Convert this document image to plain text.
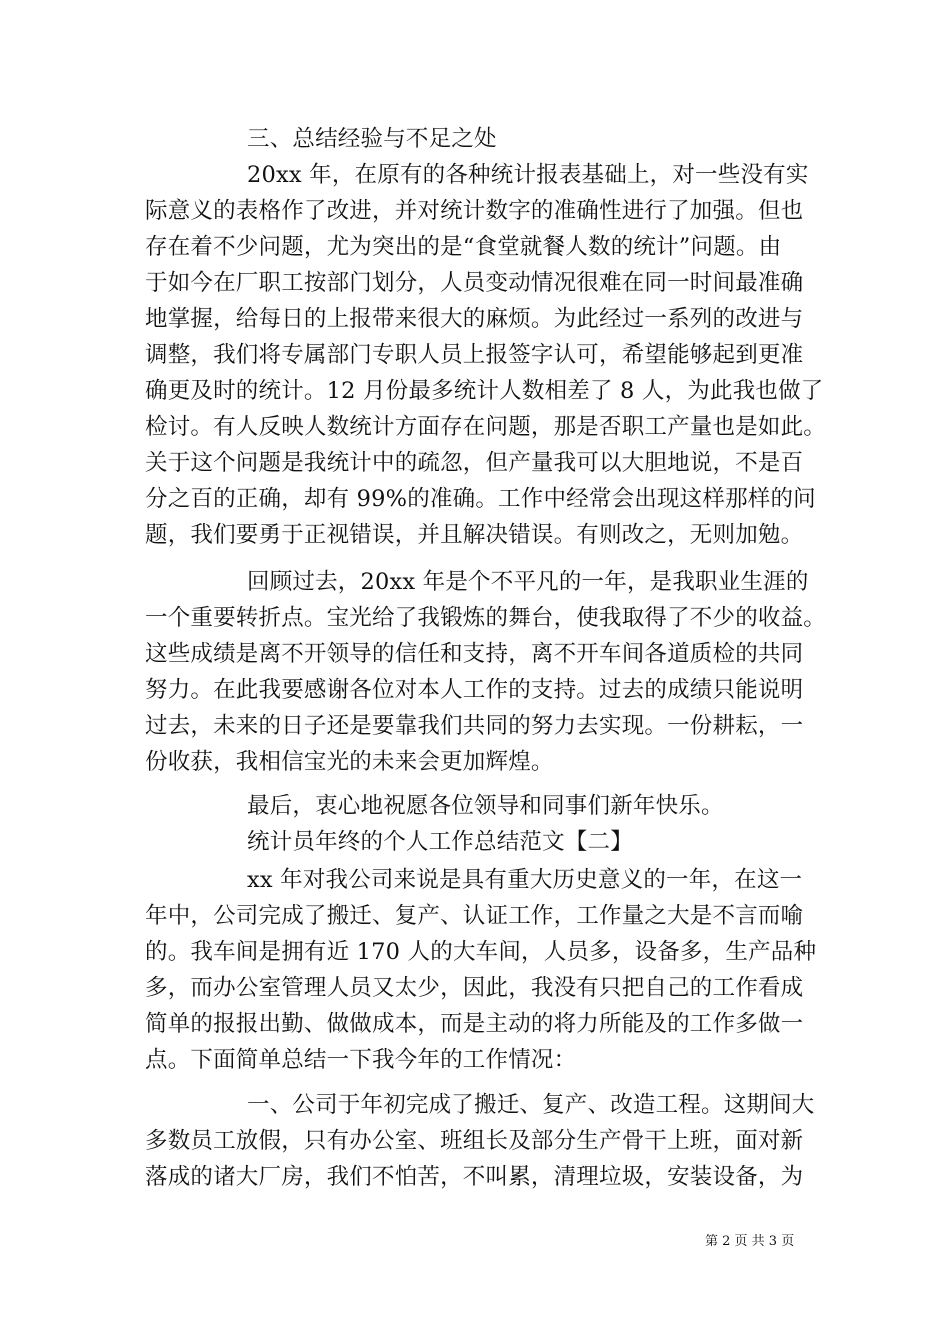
三、总结经验与不足之处
20xx 年，在原有的各种统计报表基础上，对一些没有实
际意义的表格作了改进，并对统计数字的准确性进行了加强。但也
存在着不少问题，尤为突出的是“食堂就餐人数的统计”问题。由
于如今在厂职工按部门划分，人员变动情况很难在同一时间最准确
地掌握，给每日的上报带来很大的麻烦。为此经过一系列的改进与
调整，我们将专属部门专职人员上报签字认可，希望能够起到更准
确更及时的统计。12 月份最多统计人数相差了 8 人，为此我也做了
检讨。有人反映人数统计方面存在问题，那是否职工产量也是如此。
关于这个问题是我统计中的疏忽，但产量我可以大胆地说，不是百
分之百的正确，却有 99%的准确。工作中经常会出现这样那样的问
题，我们要勇于正视错误，并且解决错误。有则改之，无则加勉。
回顾过去，20xx 年是个不平凡的一年，是我职业生涯的
一个重要转折点。宝光给了我锻炼的舞台，使我取得了不少的收益。
这些成绩是离不开领导的信任和支持，离不开车间各道质检的共同
努力。在此我要感谢各位对本人工作的支持。过去的成绩只能说明
过去，未来的日子还是要靠我们共同的努力去实现。一份耕耘，一
份收获，我相信宝光的未来会更加辉煌。
最后，衷心地祝愿各位领导和同事们新年快乐。
统计员年终的个人工作总结范文【二】
xx 年对我公司来说是具有重大历史意义的一年，在这一
年中，公司完成了搬迁、复产、认证工作，工作量之大是不言而喻
的。我车间是拥有近 170 人的大车间，人员多，设备多，生产品种
多，而办公室管理人员又太少，因此，我没有只把自己的工作看成
简单的报报出勤、做做成本，而是主动的将力所能及的工作多做一
点。下面简单总结一下我今年的工作情况：
一、公司于年初完成了搬迁、复产、改造工程。这期间大
多数员工放假，只有办公室、班组长及部分生产骨干上班，面对新
落成的诸大厂房，我们不怕苦，不叫累，清理垃圾，安装设备，为
第 2 页 共 3 页
